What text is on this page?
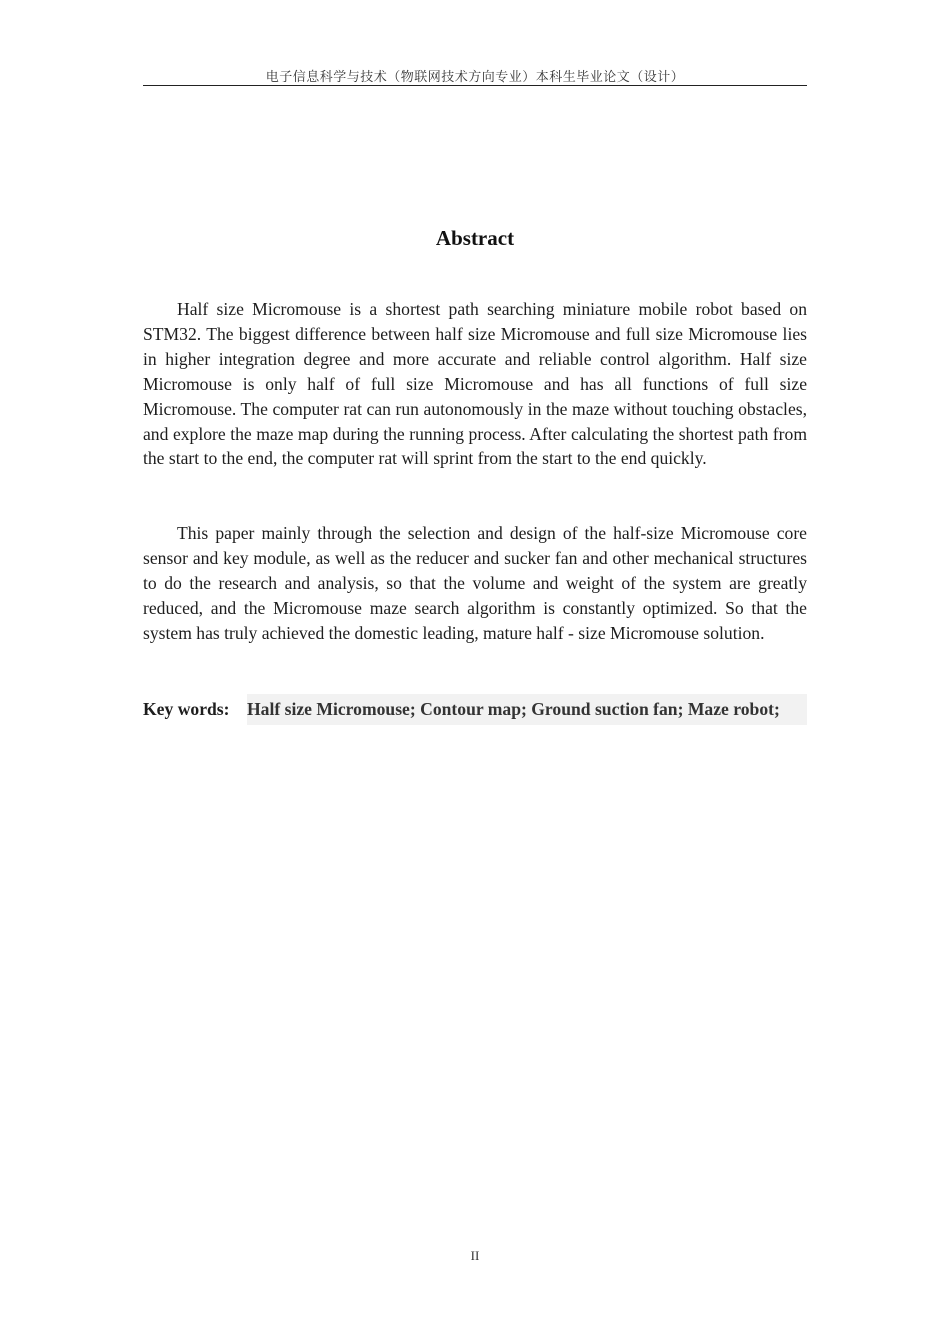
电子信息科学与技术（物联网技术方向专业）本科生毕业论文（设计）
Abstract

Half size Micromouse is a shortest path searching miniature mobile robot based on STM32. The biggest difference between half size Micromouse and full size Micromouse lies in higher integration degree and more accurate and reliable control algorithm. Half size Micromouse is only half of full size Micromouse and has all functions of full size Micromouse. The computer rat can run autonomously in the maze without touching obstacles, and explore the maze map during the running process. After calculating the shortest path from the start to the end, the computer rat will sprint from the start to the end quickly.

This paper mainly through the selection and design of the half-size Micromouse core sensor and key module, as well as the reducer and sucker fan and other mechanical structures to do the research and analysis, so that the volume and weight of the system are greatly reduced, and the Micromouse maze search algorithm is constantly optimized. So that the system has truly achieved the domestic leading, mature half - size Micromouse solution.

Key words: Half size Micromouse; Contour map; Ground suction fan; Maze robot;
II
